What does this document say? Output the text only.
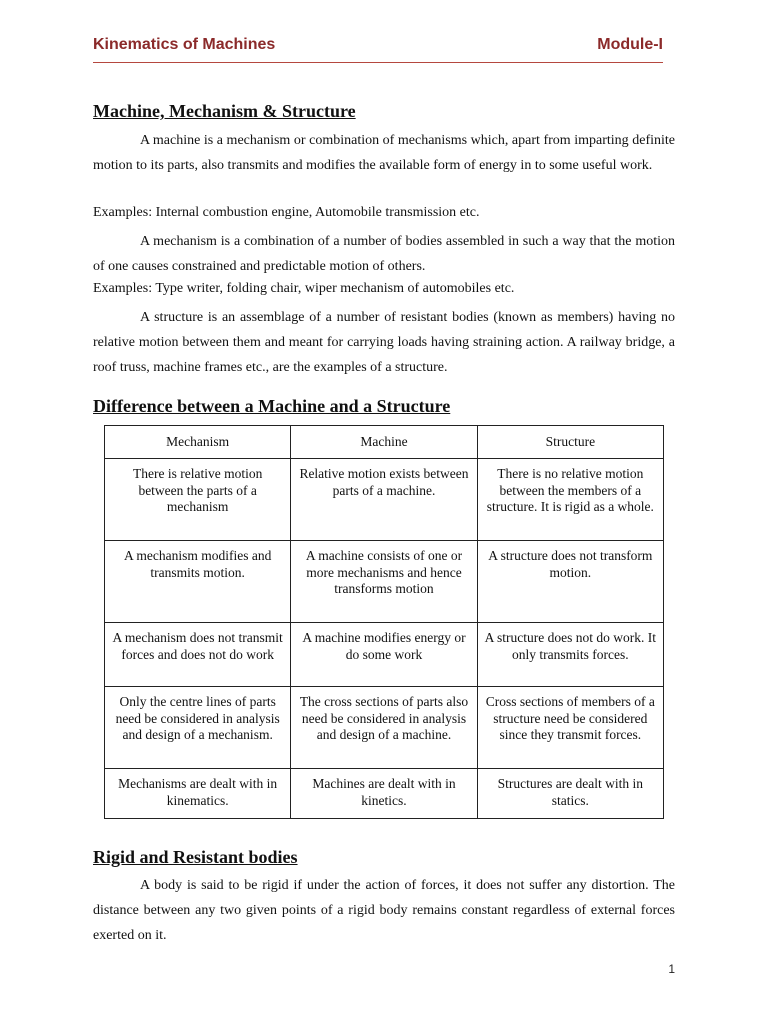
Kinematics of Machines	Module-I
Machine, Mechanism & Structure

A machine is a mechanism or combination of mechanisms which, apart from imparting definite motion to its parts, also transmits and modifies the available form of energy in to some useful work.

Examples: Internal combustion engine, Automobile transmission etc.

A mechanism is a combination of a number of bodies assembled in such a way that the motion of one causes constrained and predictable motion of others.

Examples: Type writer, folding chair, wiper mechanism of automobiles etc.

A structure is an assemblage of a number of resistant bodies (known as members) having no relative motion between them and meant for carrying loads having straining action. A railway bridge, a roof truss, machine frames etc., are the examples of a structure.

Difference between a Machine and a Structure
Mechanism	Machine	Structure
There is relative motion between the parts of a mechanism	Relative motion exists between parts of a machine.	There is no relative motion between the members of a structure. It is rigid as a whole.
A mechanism modifies and transmits motion.	A machine consists of one or more mechanisms and hence transforms motion	A structure does not transform motion.
A mechanism does not transmit forces and does not do work	A machine modifies energy or do some work	A structure does not do work. It only transmits forces.
Only the centre lines of parts need be considered in analysis and design of a mechanism.	The cross sections of parts also need be considered in analysis and design of a machine.	Cross sections of members of a structure need be considered since they transmit forces.
Mechanisms are dealt with in kinematics.	Machines are dealt with in kinetics.	Structures are dealt with in statics.
Rigid and Resistant bodies

A body is said to be rigid if under the action of forces, it does not suffer any distortion. The distance between any two given points of a rigid body remains constant regardless of external forces exerted on it.

1
